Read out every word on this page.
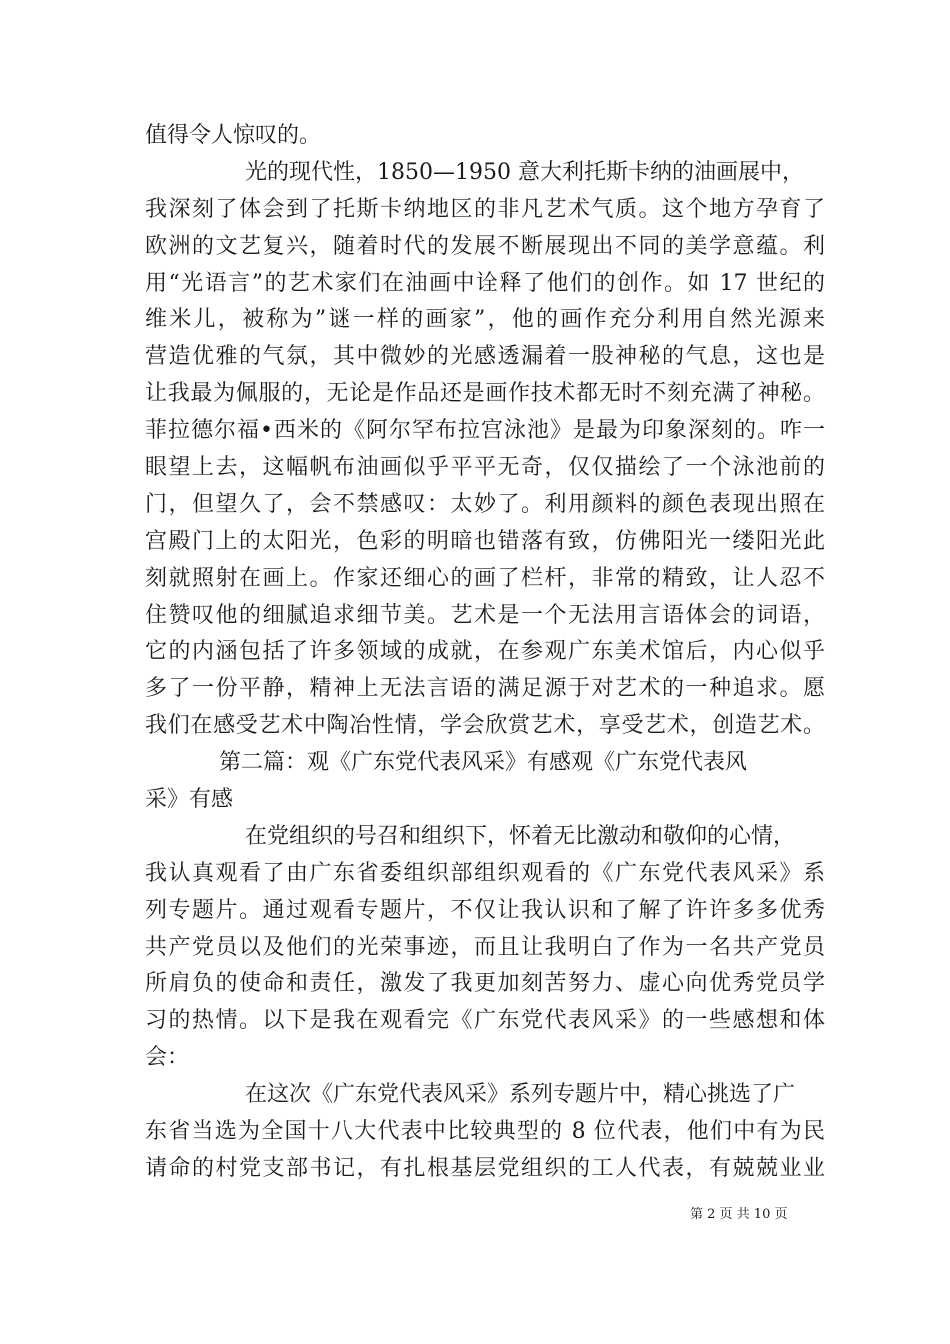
值得令人惊叹的。
光的现代性，1850—1950 意大利托斯卡纳的油画展中，
我深刻了体会到了托斯卡纳地区的非凡艺术气质。这个地方孕育了
欧洲的文艺复兴，随着时代的发展不断展现出不同的美学意蕴。利
用“光语言”的艺术家们在油画中诠释了他们的创作。如 17 世纪的
维米儿，被称为”谜一样的画家”，他的画作充分利用自然光源来
营造优雅的气氛，其中微妙的光感透漏着一股神秘的气息，这也是
让我最为佩服的，无论是作品还是画作技术都无时不刻充满了神秘。
菲拉德尔福•西米的《阿尔罕布拉宫泳池》是最为印象深刻的。咋一
眼望上去，这幅帆布油画似乎平平无奇，仅仅描绘了一个泳池前的
门，但望久了，会不禁感叹：太妙了。利用颜料的颜色表现出照在
宫殿门上的太阳光，色彩的明暗也错落有致，仿佛阳光一缕阳光此
刻就照射在画上。作家还细心的画了栏杆，非常的精致，让人忍不
住赞叹他的细腻追求细节美。艺术是一个无法用言语体会的词语，
它的内涵包括了许多领域的成就，在参观广东美术馆后，内心似乎
多了一份平静，精神上无法言语的满足源于对艺术的一种追求。愿
我们在感受艺术中陶冶性情，学会欣赏艺术，享受艺术，创造艺术。
第二篇：观《广东党代表风采》有感观《广东党代表风
采》有感
在党组织的号召和组织下，怀着无比激动和敬仰的心情，
我认真观看了由广东省委组织部组织观看的《广东党代表风采》系
列专题片。通过观看专题片，不仅让我认识和了解了许许多多优秀
共产党员以及他们的光荣事迹，而且让我明白了作为一名共产党员
所肩负的使命和责任，激发了我更加刻苦努力、虚心向优秀党员学
习的热情。以下是我在观看完《广东党代表风采》的一些感想和体
会：
在这次《广东党代表风采》系列专题片中，精心挑选了广
东省当选为全国十八大代表中比较典型的 8 位代表，他们中有为民
请命的村党支部书记，有扎根基层党组织的工人代表，有兢兢业业
第 2 页 共 10 页
